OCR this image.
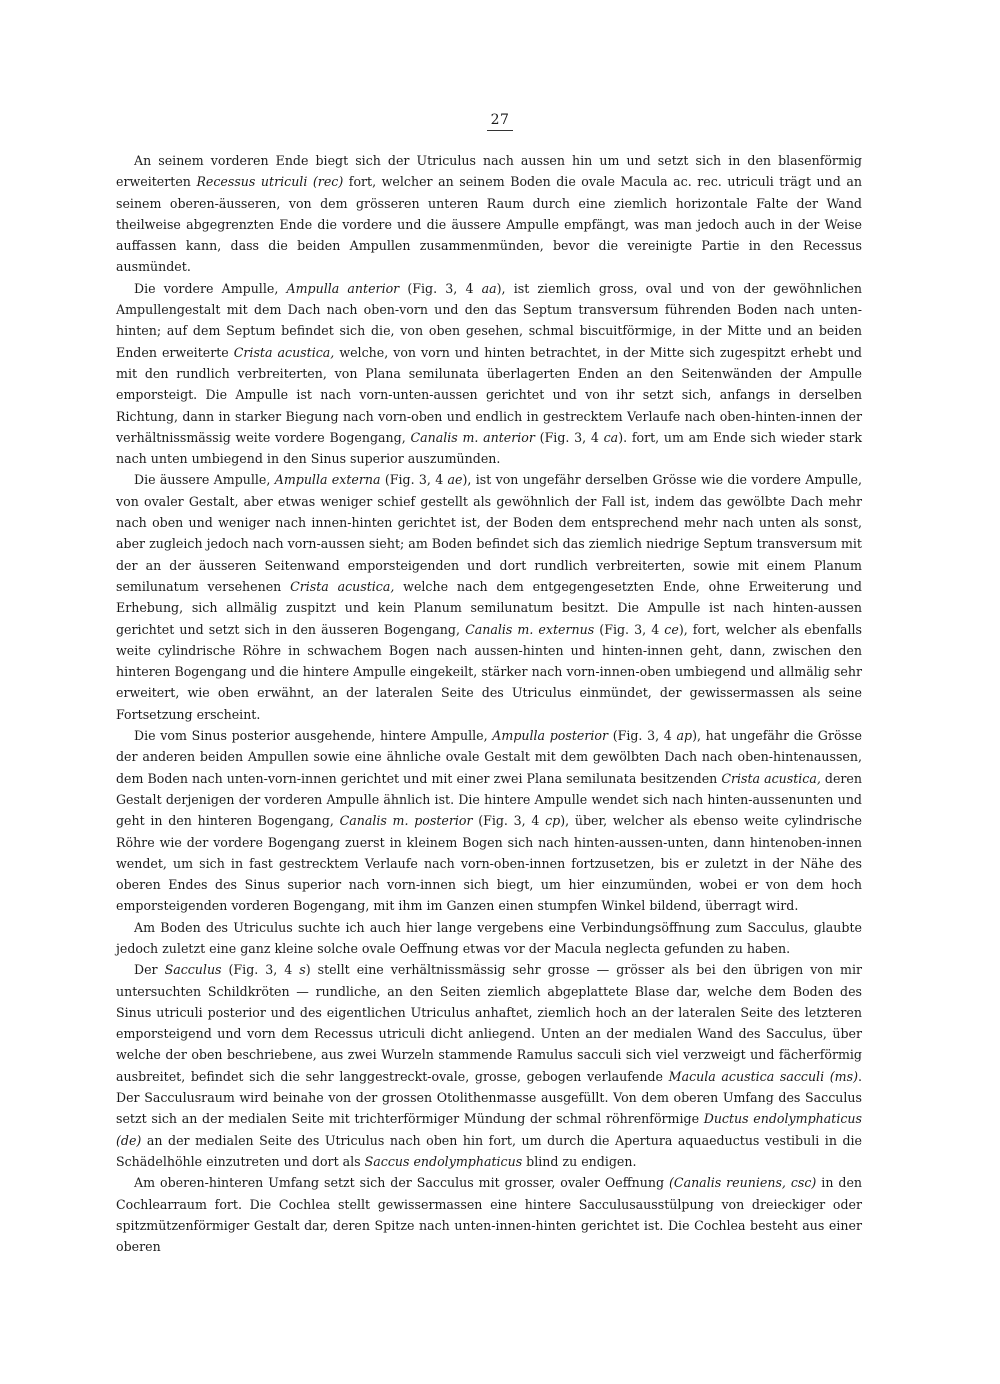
27

An seinem vorderen Ende biegt sich der Utriculus nach aussen hin um und setzt sich in den blasenförmig erweiterten Recessus utriculi (rec) fort, welcher an seinem Boden die ovale Macula ac. rec. utriculi trägt und an seinem oberen-äusseren, von dem grösseren unteren Raum durch eine ziemlich horizontale Falte der Wand theilweise abgegrenzten Ende die vordere und die äussere Ampulle empfängt, was man jedoch auch in der Weise auffassen kann, dass die beiden Ampullen zusammenmünden, bevor die vereinigte Partie in den Recessus ausmündet.

Die vordere Ampulle, Ampulla anterior (Fig. 3, 4 aa), ist ziemlich gross, oval und von der gewöhnlichen Ampullengestalt mit dem Dach nach oben-vorn und den das Septum transversum führenden Boden nach unten-hinten; auf dem Septum befindet sich die, von oben gesehen, schmal biscuitförmige, in der Mitte und an beiden Enden erweiterte Crista acustica, welche, von vorn und hinten betrachtet, in der Mitte sich zugespitzt erhebt und mit den rundlich verbreiterten, von Plana semilunata überlagerten Enden an den Seitenwänden der Ampulle emporsteigt. Die Ampulle ist nach vorn-unten-aussen gerichtet und von ihr setzt sich, anfangs in derselben Richtung, dann in starker Biegung nach vorn-oben und endlich in gestrecktem Verlaufe nach oben-hinten-innen der verhältnissmässig weite vordere Bogengang, Canalis m. anterior (Fig. 3, 4 ca). fort, um am Ende sich wieder stark nach unten umbiegend in den Sinus superior auszumünden.

Die äussere Ampulle, Ampulla externa (Fig. 3, 4 ae), ist von ungefähr derselben Grösse wie die vordere Ampulle, von ovaler Gestalt, aber etwas weniger schief gestellt als gewöhnlich der Fall ist, indem das gewölbte Dach mehr nach oben und weniger nach innen-hinten gerichtet ist, der Boden dem entsprechend mehr nach unten als sonst, aber zugleich jedoch nach vorn-aussen sieht; am Boden befindet sich das ziemlich niedrige Septum transversum mit der an der äusseren Seitenwand emporsteigenden und dort rundlich verbreiterten, sowie mit einem Planum semilunatum versehenen Crista acustica, welche nach dem entgegengesetzten Ende, ohne Erweiterung und Erhebung, sich allmälig zuspitzt und kein Planum semilunatum besitzt. Die Ampulle ist nach hinten-aussen gerichtet und setzt sich in den äusseren Bogengang, Canalis m. externus (Fig. 3, 4 ce), fort, welcher als ebenfalls weite cylindrische Röhre in schwachem Bogen nach aussen-hinten und hinten-innen geht, dann, zwischen den hinteren Bogengang und die hintere Ampulle eingekeilt, stärker nach vorn-innen-oben umbiegend und allmälig sehr erweitert, wie oben erwähnt, an der lateralen Seite des Utriculus einmündet, der gewissermassen als seine Fortsetzung erscheint.

Die vom Sinus posterior ausgehende, hintere Ampulle, Ampulla posterior (Fig. 3, 4 ap), hat ungefähr die Grösse der anderen beiden Ampullen sowie eine ähnliche ovale Gestalt mit dem gewölbten Dach nach oben-hintenaussen, dem Boden nach unten-vorn-innen gerichtet und mit einer zwei Plana semilunata besitzenden Crista acustica, deren Gestalt derjenigen der vorderen Ampulle ähnlich ist. Die hintere Ampulle wendet sich nach hinten-aussenunten und geht in den hinteren Bogengang, Canalis m. posterior (Fig. 3, 4 cp), über, welcher als ebenso weite cylindrische Röhre wie der vordere Bogengang zuerst in kleinem Bogen sich nach hinten-aussen-unten, dann hintenoben-innen wendet, um sich in fast gestrecktem Verlaufe nach vorn-oben-innen fortzusetzen, bis er zuletzt in der Nähe des oberen Endes des Sinus superior nach vorn-innen sich biegt, um hier einzumünden, wobei er von dem hoch emporsteigenden vorderen Bogengang, mit ihm im Ganzen einen stumpfen Winkel bildend, überragt wird.

Am Boden des Utriculus suchte ich auch hier lange vergebens eine Verbindungsöffnung zum Sacculus, glaubte jedoch zuletzt eine ganz kleine solche ovale Oeffnung etwas vor der Macula neglecta gefunden zu haben.

Der Sacculus (Fig. 3, 4 s) stellt eine verhältnissmässig sehr grosse — grösser als bei den übrigen von mir untersuchten Schildkröten — rundliche, an den Seiten ziemlich abgeplattete Blase dar, welche dem Boden des Sinus utriculi posterior und des eigentlichen Utriculus anhaftet, ziemlich hoch an der lateralen Seite des letzteren emporsteigend und vorn dem Recessus utriculi dicht anliegend. Unten an der medialen Wand des Sacculus, über welche der oben beschriebene, aus zwei Wurzeln stammende Ramulus sacculi sich viel verzweigt und fächerförmig ausbreitet, befindet sich die sehr langgestreckt-ovale, grosse, gebogen verlaufende Macula acustica sacculi (ms). Der Sacculusraum wird beinahe von der grossen Otolithenmasse ausgefüllt. Von dem oberen Umfang des Sacculus setzt sich an der medialen Seite mit trichterförmiger Mündung der schmal röhrenförmige Ductus endolymphaticus (de) an der medialen Seite des Utriculus nach oben hin fort, um durch die Apertura aquaeductus vestibuli in die Schädelhöhle einzutreten und dort als Saccus endolymphaticus blind zu endigen.

Am oberen-hinteren Umfang setzt sich der Sacculus mit grosser, ovaler Oeffnung (Canalis reuniens, csc) in den Cochlearraum fort. Die Cochlea stellt gewissermassen eine hintere Sacculusausstülpung von dreieckiger oder spitzmützenförmiger Gestalt dar, deren Spitze nach unten-innen-hinten gerichtet ist. Die Cochlea besteht aus einer oberen
